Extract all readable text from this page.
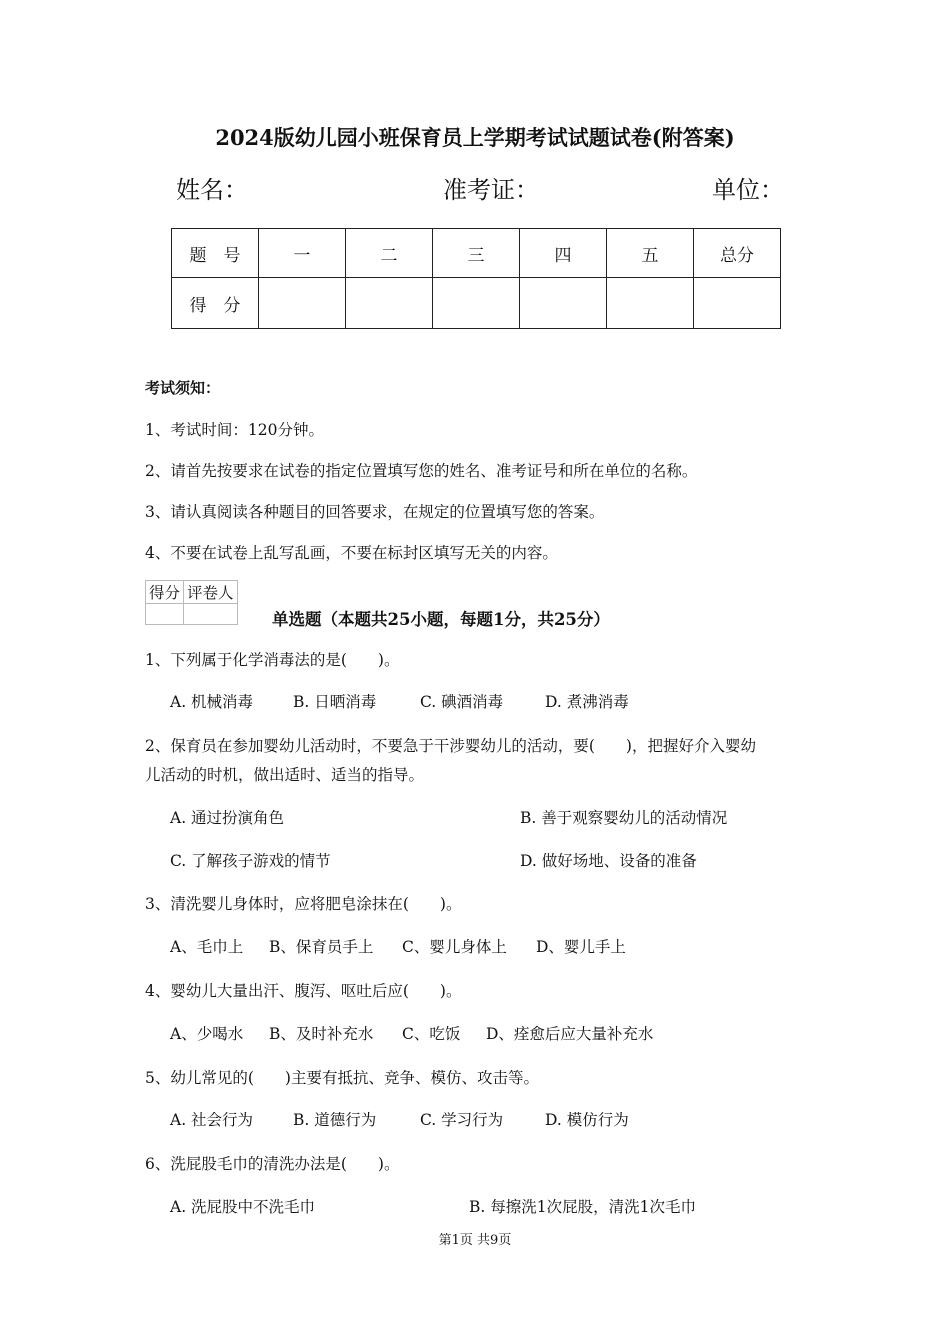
2024版幼儿园小班保育员上学期考试试题试卷(附答案)
姓名：	准考证：	单位：
题　号	一	二	三	四	五	总分
得　分						
考试须知：
1、考试时间：120分钟。
2、请首先按要求在试卷的指定位置填写您的姓名、准考证号和所在单位的名称。
3、请认真阅读各种题目的回答要求，在规定的位置填写您的答案。
4、不要在试卷上乱写乱画，不要在标封区填写无关的内容。
得分	评卷人

单选题（本题共25小题，每题1分，共25分）
1、下列属于化学消毒法的是(　　)。
A. 机械消毒	B. 日晒消毒	C. 碘酒消毒	D. 煮沸消毒
2、保育员在参加婴幼儿活动时，不要急于干涉婴幼儿的活动，要(　　)，把握好介入婴幼
儿活动的时机，做出适时、适当的指导。
A. 通过扮演角色	B. 善于观察婴幼儿的活动情况
C. 了解孩子游戏的情节	D. 做好场地、设备的准备
3、清洗婴儿身体时，应将肥皂涂抹在(　　)。
A、毛巾上 B、保育员手上 C、婴儿身体上 D、婴儿手上
4、婴幼儿大量出汗、腹泻、呕吐后应(　　)。
A、少喝水 B、及时补充水 C、吃饭 D、痊愈后应大量补充水
5、幼儿常见的(　　)主要有抵抗、竞争、模仿、攻击等。
A. 社会行为	B. 道德行为	C. 学习行为	D. 模仿行为
6、洗屁股毛巾的清洗办法是(　　)。
A. 洗屁股中不洗毛巾	B. 每擦洗1次屁股，清洗1次毛巾
第1页 共9页
